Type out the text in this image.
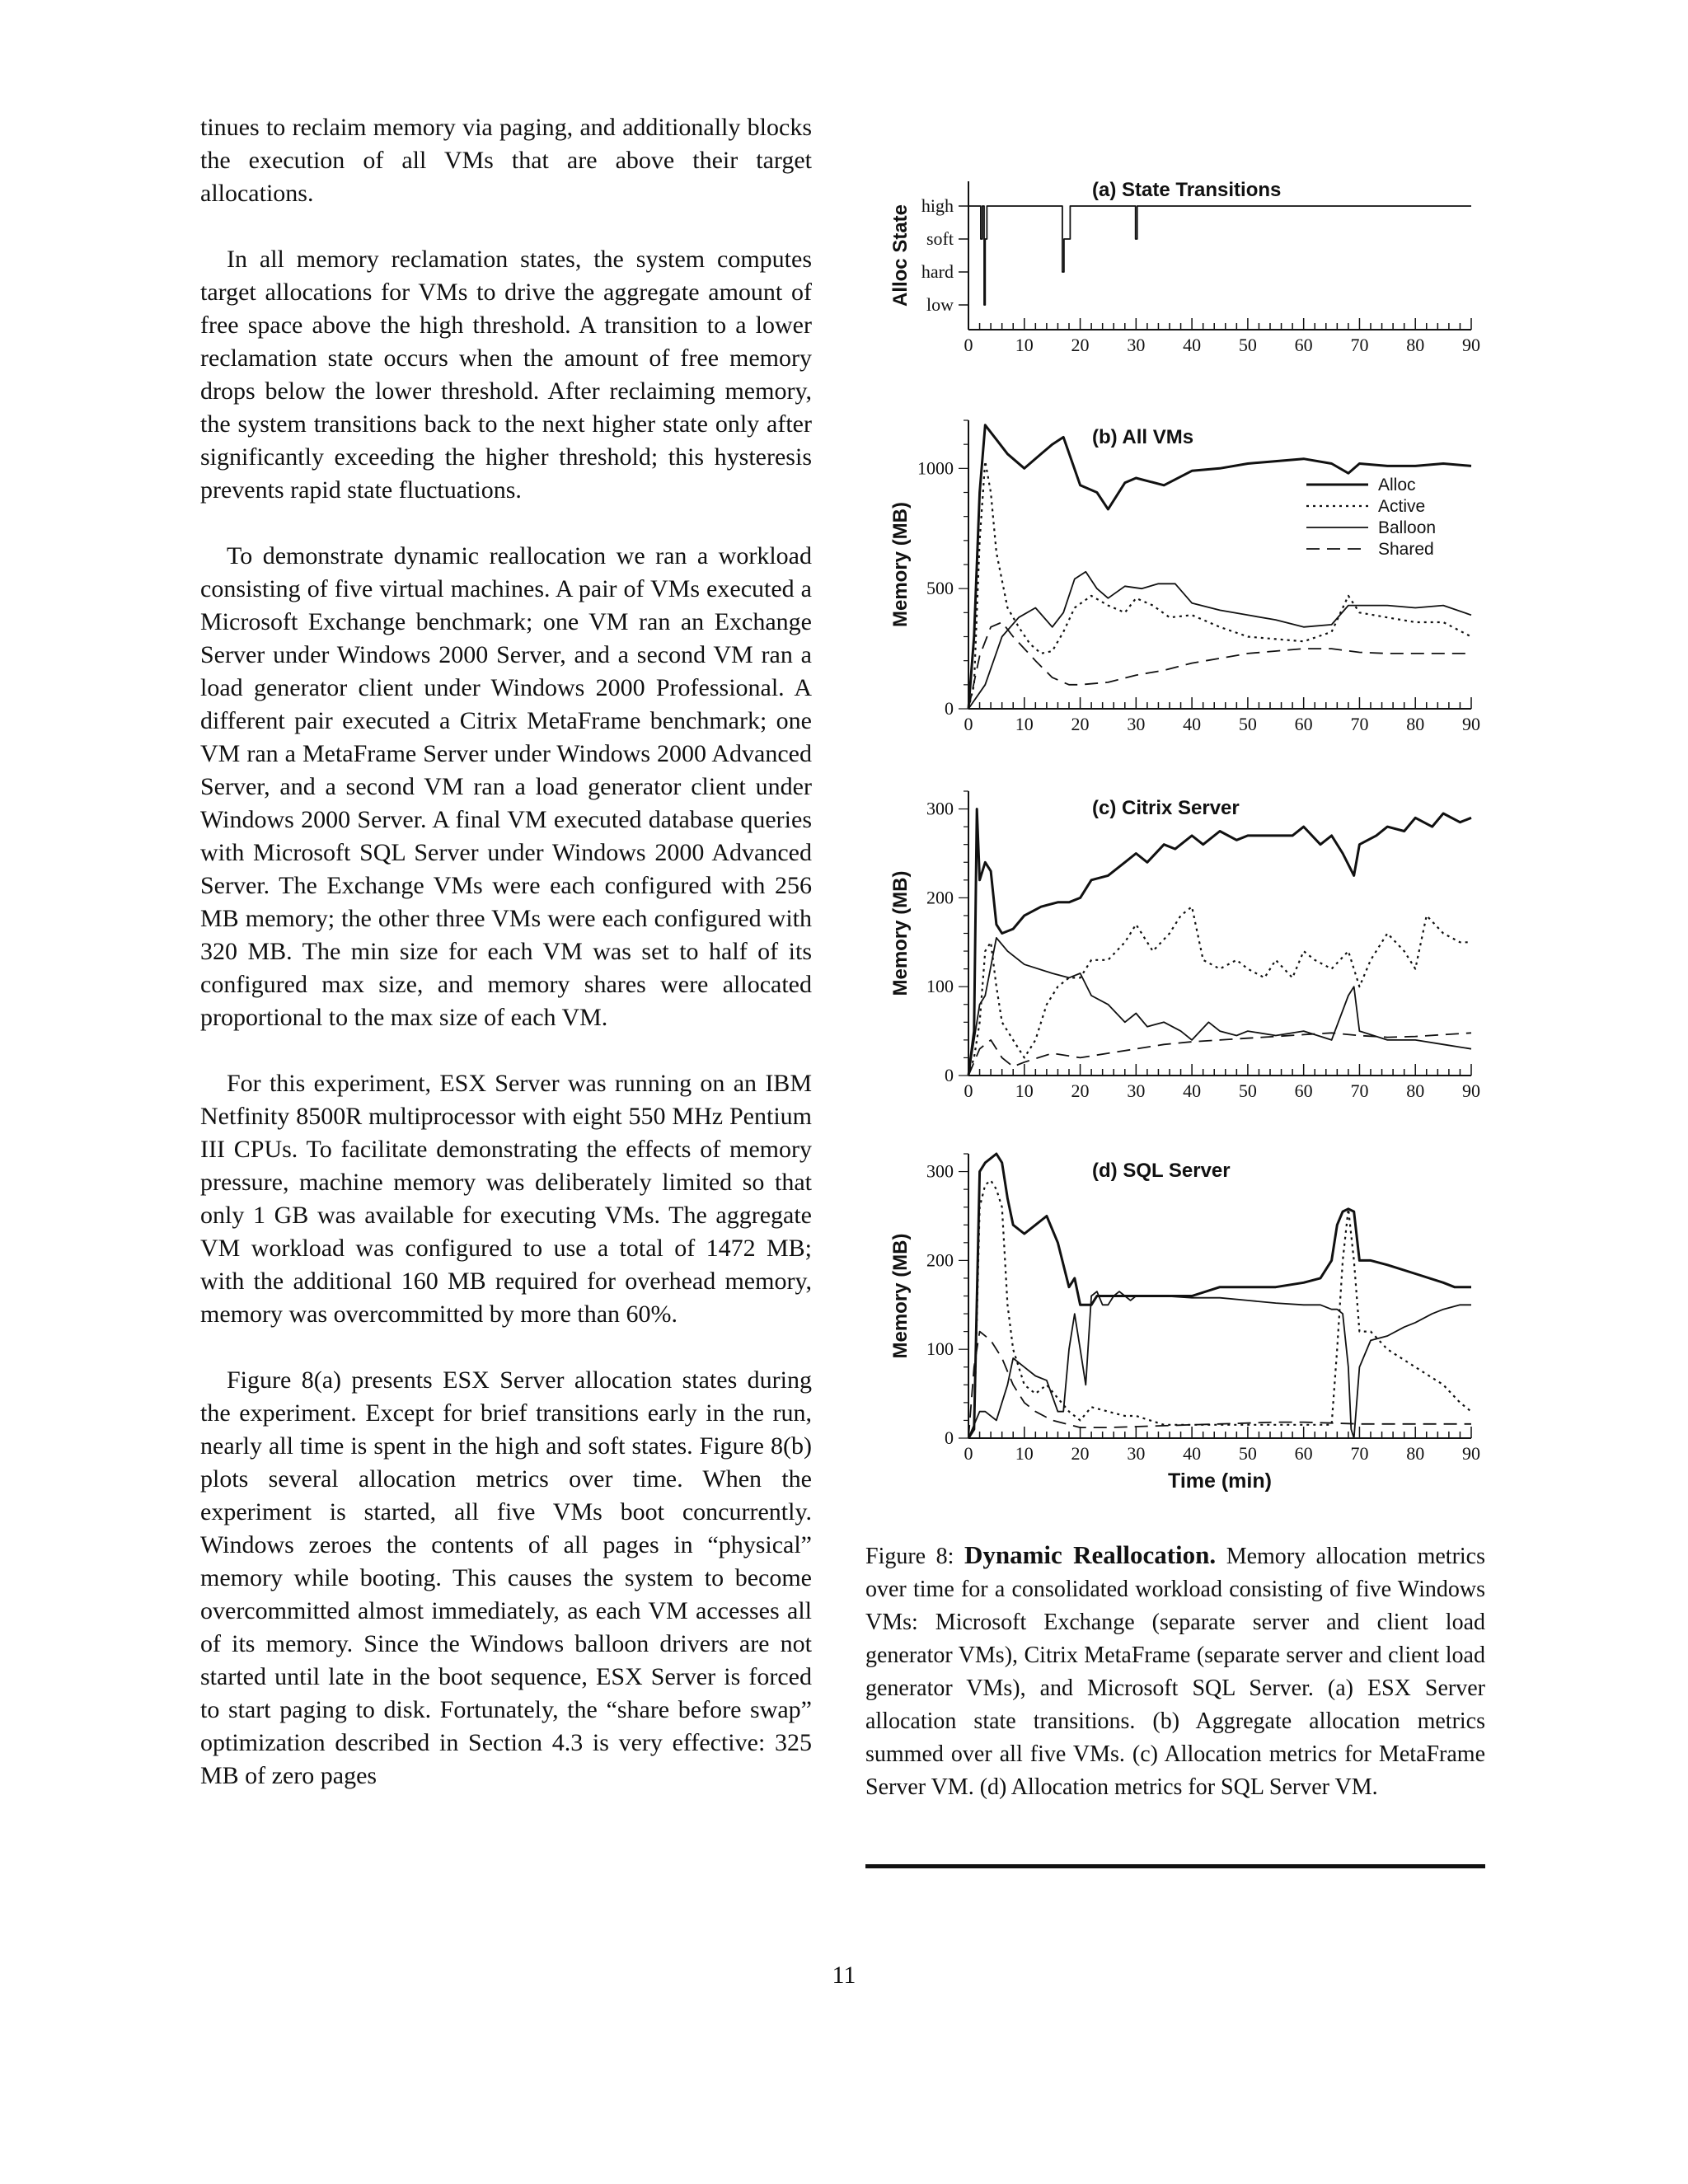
tinues to reclaim memory via paging, and additionally blocks the execution of all VMs that are above their target allocations.

In all memory reclamation states, the system computes target allocations for VMs to drive the aggregate amount of free space above the high threshold. A transition to a lower reclamation state occurs when the amount of free memory drops below the lower threshold. After reclaiming memory, the system transitions back to the next higher state only after significantly exceeding the higher threshold; this hysteresis prevents rapid state fluctuations.

To demonstrate dynamic reallocation we ran a workload consisting of five virtual machines. A pair of VMs executed a Microsoft Exchange benchmark; one VM ran an Exchange Server under Windows 2000 Server, and a second VM ran a load generator client under Windows 2000 Professional. A different pair executed a Citrix MetaFrame benchmark; one VM ran a MetaFrame Server under Windows 2000 Advanced Server, and a second VM ran a load generator client under Windows 2000 Server. A final VM executed database queries with Microsoft SQL Server under Windows 2000 Advanced Server. The Exchange VMs were each configured with 256 MB memory; the other three VMs were each configured with 320 MB. The min size for each VM was set to half of its configured max size, and memory shares were allocated proportional to the max size of each VM.

For this experiment, ESX Server was running on an IBM Netfinity 8500R multiprocessor with eight 550 MHz Pentium III CPUs. To facilitate demonstrating the effects of memory pressure, machine memory was deliberately limited so that only 1 GB was available for executing VMs. The aggregate VM workload was configured to use a total of 1472 MB; with the additional 160 MB required for overhead memory, memory was overcommitted by more than 60%.

Figure 8(a) presents ESX Server allocation states during the experiment. Except for brief transitions early in the run, nearly all time is spent in the high and soft states. Figure 8(b) plots several allocation metrics over time. When the experiment is started, all five VMs boot concurrently. Windows zeroes the contents of all pages in “physical” memory while booting. This causes the system to become overcommitted almost immediately, as each VM accesses all of its memory. Since the Windows balloon drivers are not started until late in the boot sequence, ESX Server is forced to start paging to disk. Fortunately, the “share before swap” optimization described in Section 4.3 is very effective: 325 MB of zero pages

0 10 20 30 40 50 60 70 80 90
low
hard
soft
high
Alloc State
(a) State Transitions
0 10 20 30 40 50 60 70 80 90
0
500
1000
Memory (MB)
(b) All VMs
Alloc
Active
Balloon
Shared
0 10 20 30 40 50 60 70 80 90
0
100
200
300
Memory (MB)
(c) Citrix Server
0 10 20 30 40 50 60 70 80 90
0
100
200
300
Memory (MB)
(d) SQL Server
Time (min)
Figure 8: Dynamic Reallocation. Memory allocation metrics over time for a consolidated workload consisting of five Windows VMs: Microsoft Exchange (separate server and client load generator VMs), Citrix MetaFrame (separate server and client load generator VMs), and Microsoft SQL Server. (a) ESX Server allocation state transitions. (b) Aggregate allocation metrics summed over all five VMs. (c) Allocation metrics for MetaFrame Server VM. (d) Allocation metrics for SQL Server VM.
11
